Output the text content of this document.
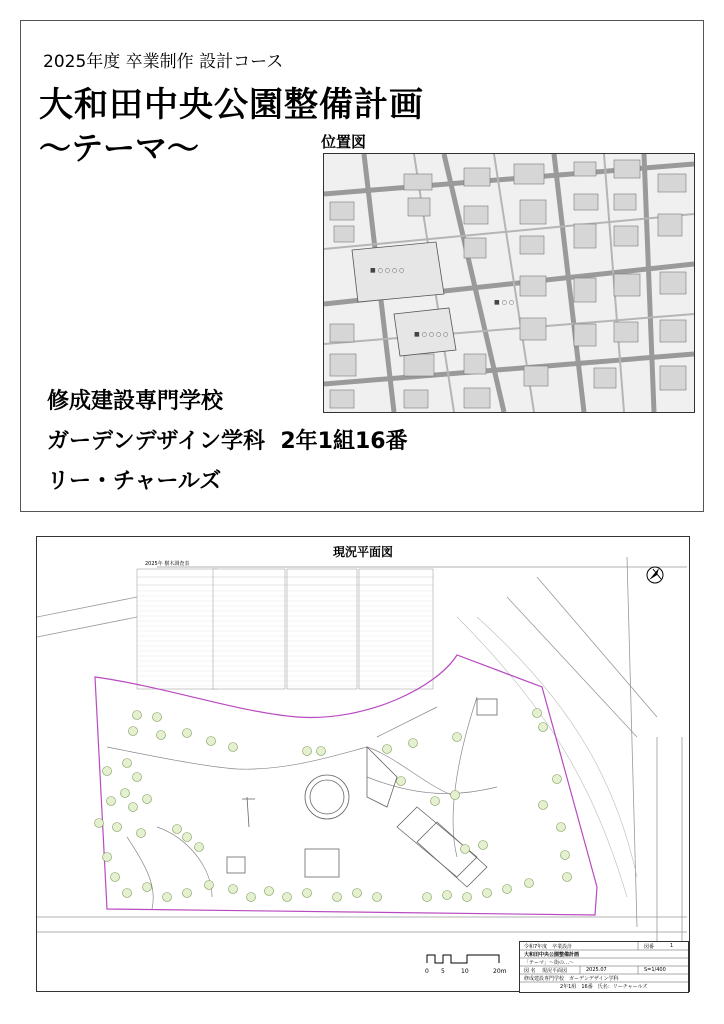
2025年度 卒業制作 設計コース
大和田中央公園整備計画
〜テーマ〜	位置図
■ ○ ○ ○ ○
■ ○ ○ ○ ○
■ ○ ○
修成建設専門学校
ガーデンデザイン学科 2年1組16番
リー・チャールズ
現況平面図
2025年 樹木調査表
0 5	10	20m
令和7年度　卒業設計	図番	1
大和田中央公園整備計画
「テーマ」～街の…～
図 名 現況平面図	2025.07	S=1/400
修成建設専門学校　ガーデンデザイン学科
2年1組　16番　氏名：リーチャールズ
